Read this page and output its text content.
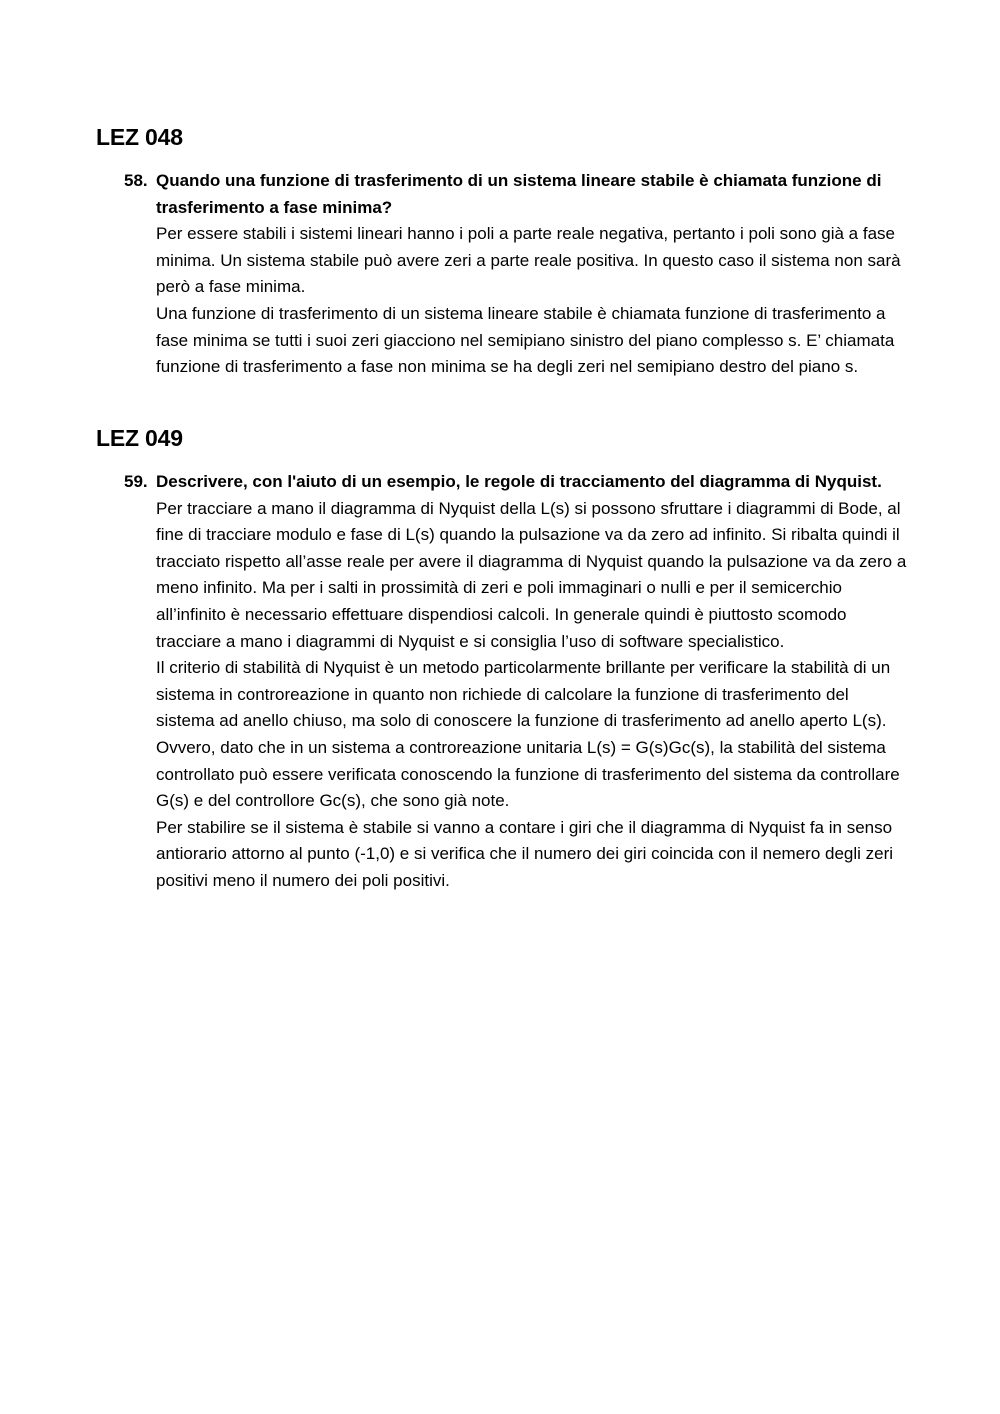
LEZ 048
58. Quando una funzione di trasferimento di un sistema lineare stabile è chiamata funzione di trasferimento a fase minima?

Per essere stabili i sistemi lineari hanno i poli a parte reale negativa, pertanto i poli sono già a fase minima. Un sistema stabile può avere zeri a parte reale positiva. In questo caso il sistema non sarà però a fase minima.

Una funzione di trasferimento di un sistema lineare stabile è chiamata funzione di trasferimento a fase minima se tutti i suoi zeri giacciono nel semipiano sinistro del piano complesso s. E’ chiamata funzione di trasferimento a fase non minima se ha degli zeri nel semipiano destro del piano s.

LEZ 049
59. Descrivere, con l'aiuto di un esempio, le regole di tracciamento del diagramma di Nyquist.

Per tracciare a mano il diagramma di Nyquist della L(s) si possono sfruttare i diagrammi di Bode, al fine di tracciare modulo e fase di L(s) quando la pulsazione va da zero ad infinito. Si ribalta quindi il tracciato rispetto all’asse reale per avere il diagramma di Nyquist quando la pulsazione va da zero a meno infinito. Ma per i salti in prossimità di zeri e poli immaginari o nulli e per il semicerchio all’infinito è necessario effettuare dispendiosi calcoli. In generale quindi è piuttosto scomodo tracciare a mano i diagrammi di Nyquist e si consiglia l’uso di software specialistico.

Il criterio di stabilità di Nyquist è un metodo particolarmente brillante per verificare la stabilità di un sistema in controreazione in quanto non richiede di calcolare la funzione di trasferimento del sistema ad anello chiuso, ma solo di conoscere la funzione di trasferimento ad anello aperto L(s). Ovvero, dato che in un sistema a controreazione unitaria L(s) = G(s)Gc(s), la stabilità del sistema controllato può essere verificata conoscendo la funzione di trasferimento del sistema da controllare G(s) e del controllore Gc(s), che sono già note.

Per stabilire se il sistema è stabile si vanno a contare i giri che il diagramma di Nyquist fa in senso antiorario attorno al punto (-1,0) e si verifica che il numero dei giri coincida con il nemero degli zeri positivi meno il numero dei poli positivi.
